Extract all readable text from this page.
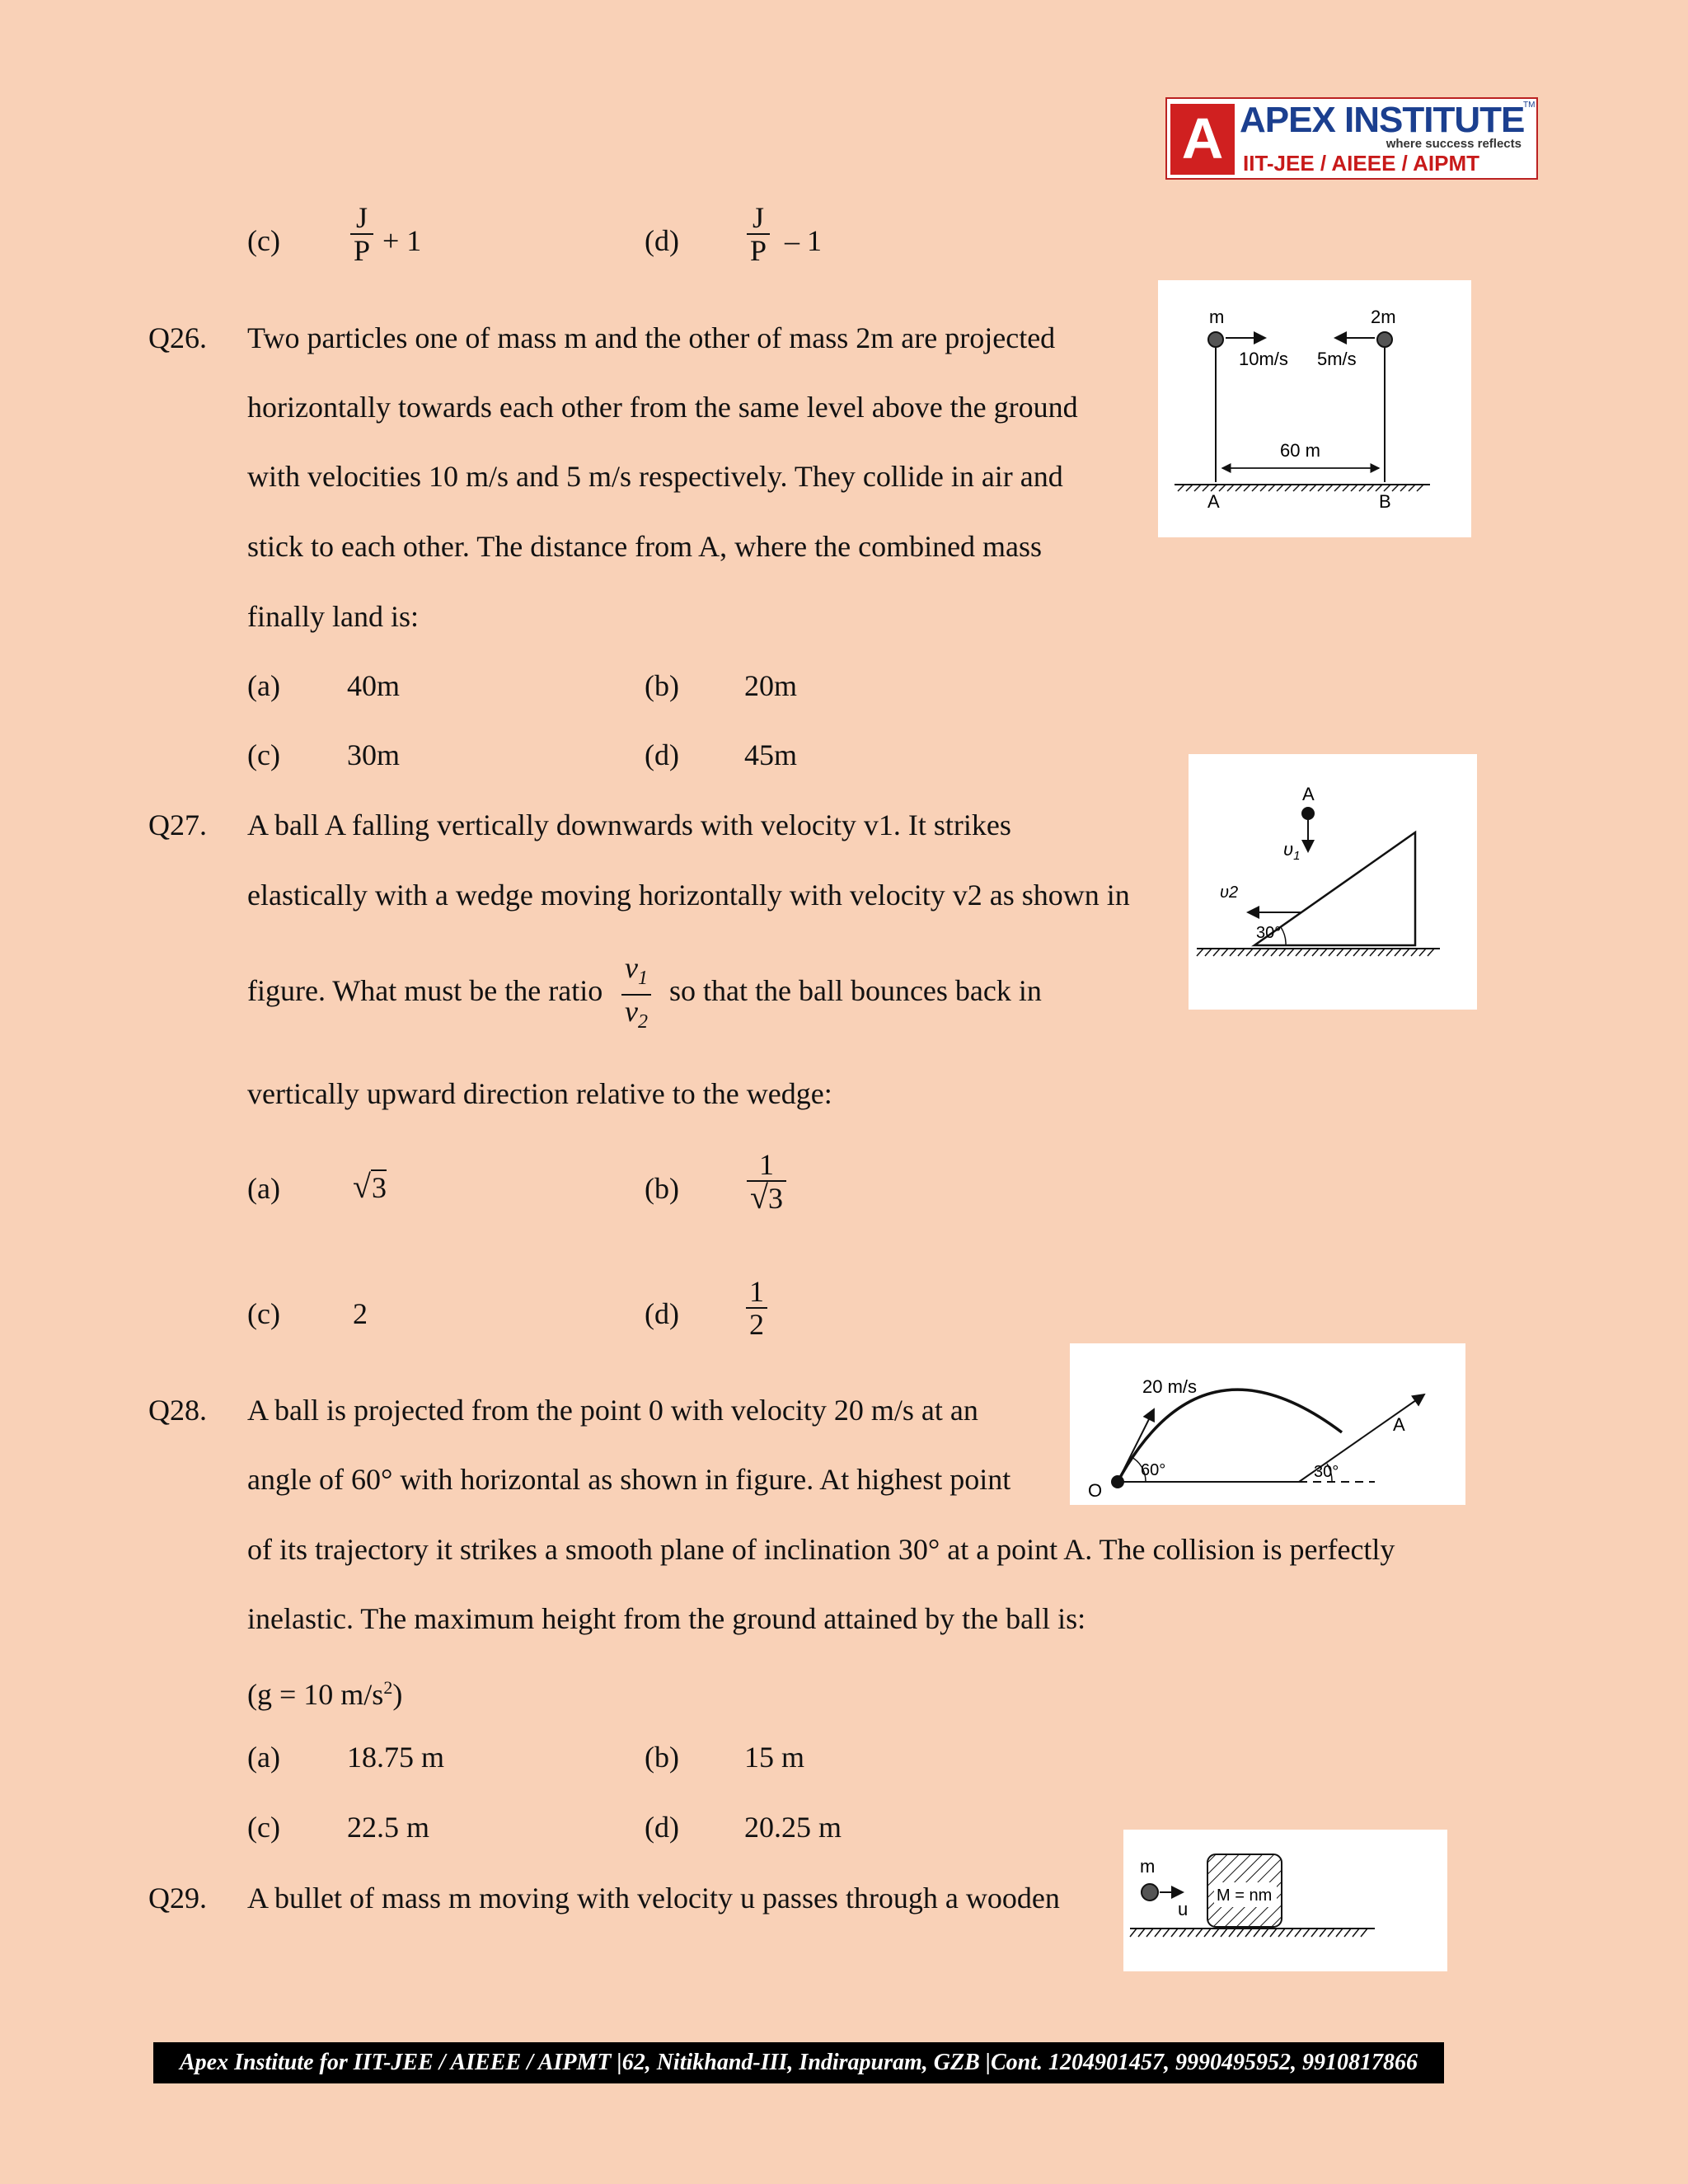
A APEX INSTITUTE
TM
where success reflects
IIT-JEE / AIEEE / AIPMT
(c)
J
P + 1	(d)
J
P – 1
Q26. Two particles one of mass m and the other of mass 2m are projected
horizontally towards each other from the same level above the ground
with velocities 10 m/s and 5 m/s respectively. They collide in air and
stick to each other. The distance from A, where the combined mass
finally land is:
(a) 40m	(b) 20m
(c) 30m	(d) 45m
m	2m
10m/s 5m/s
60 m
A	B
Q27. A ball A falling vertically downwards with velocity v1. It strikes
elastically with a wedge moving horizontally with velocity v2 as shown in
figure. What must be the ratio
$v_1$
$v_2$
so that the ball bounces back in
vertically upward direction relative to the wedge:
(a) √3	(b)
1
√3
(c) 2	(d)
1
2
A
$\upsilon_1$
υ2
30°
Q28. A ball is projected from the point 0 with velocity 20 m/s at an
angle of 60° with horizontal as shown in figure. At highest point
of its trajectory it strikes a smooth plane of inclination 30° at a point A. The collision is perfectly
inelastic. The maximum height from the ground attained by the ball is:
(g = 10 $m/s^2$)
(a) 18.75 m	(b) 15 m
(c) 22.5 m	(d) 20.25 m
20 m/s
60°	30°
O
A
Q29. A bullet of mass m moving with velocity u passes through a wooden
m
u
M = nm
Apex Institute for IIT-JEE / AIEEE / AIPMT |62, Nitikhand-III, Indirapuram, GZB |Cont. 1204901457, 9990495952, 9910817866
